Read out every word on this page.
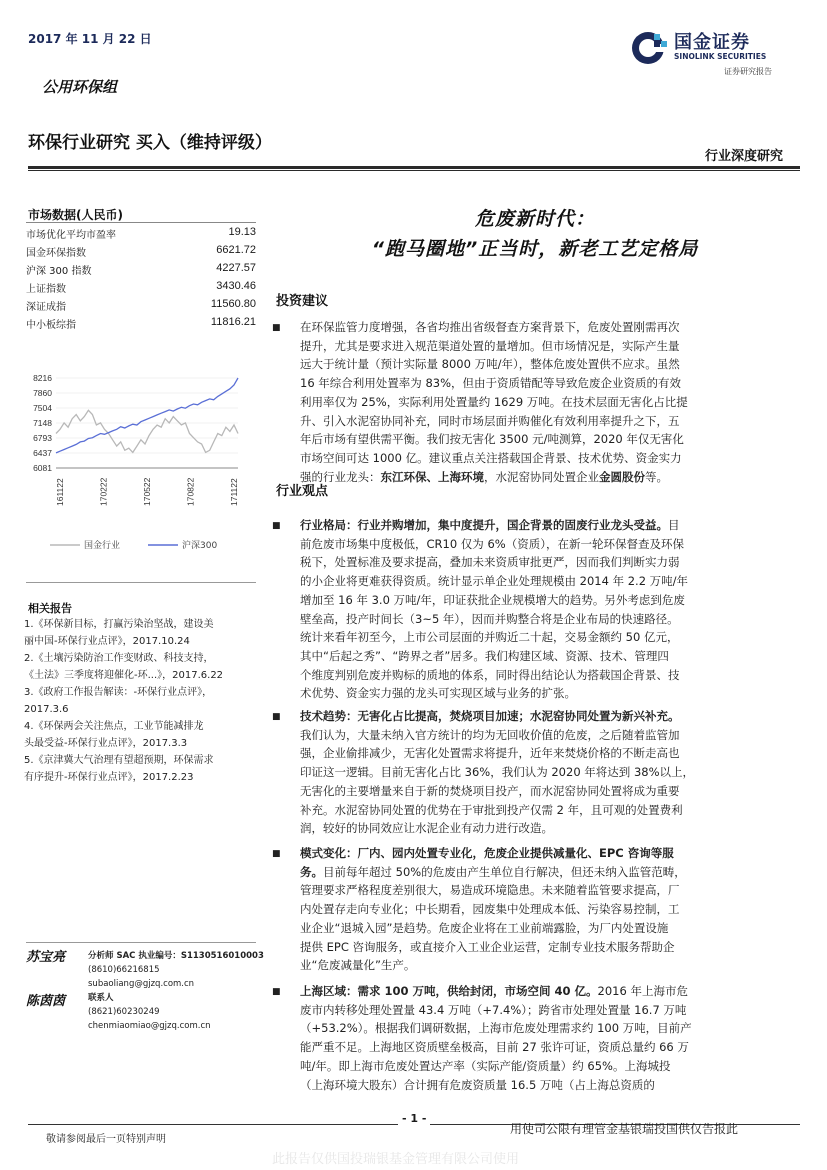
2017 年 11 月 22 日
公用环保组
环保行业研究 买入（维持评级）
行业深度研究
国金证券
SINOLINK SECURITIES
证券研究报告
市场数据(人民币)
市场优化平均市盈率	19.13
国金环保指数	6621.72
沪深 300 指数	4227.57
上证指数	3430.46
深证成指	11560.80
中小板综指	11816.21
8216
7860
7504
7148
6793
6437
6081
161122	170222	170522	170822	171122
国金行业	沪深300
相关报告
1.《环保新目标，打赢污染治坚战，建设美
丽中国-环保行业点评》，2017.10.24
2.《土壤污染防治工作变财政、科技支持，
《土法》三季度将迎催化-环...》，2017.6.22
3.《政府工作报告解读：-环保行业点评》，
2017.3.6
4.《环保两会关注焦点，工业节能减排龙
头最受益-环保行业点评》，2017.3.3
5.《京津冀大气治理有望超预期，环保需求
有序提升-环保行业点评》，2017.2.23
苏宝亮	分析师 SAC 执业编号：S1130516010003
(8610)66216815
subaoliang@gjzq.com.cn
陈茵茵	联系人
(8621)60230249
chenmiaomiao@gjzq.com.cn
危废新时代：
“跑马圈地”正当时，新老工艺定格局
投资建议
■ 在环保监管力度增强，各省均推出省级督查方案背景下，危废处置刚需再次
提升，尤其是要求进入规范渠道处置的量增加。但市场情况是，实际产生量
远大于统计量（预计实际量 8000 万吨/年），整体危废处置供不应求。虽然
16 年综合利用处置率为 83%，但由于资质错配等导致危废企业资质的有效
利用率仅为 25%，实际利用处置量约 1629 万吨。在技术层面无害化占比提
升、引入水泥窑协同补充，同时市场层面并购催化有效利用率提升之下，五
年后市场有望供需平衡。我们按无害化 3500 元/吨测算，2020 年仅无害化
市场空间可达 1000 亿。建议重点关注搭载国企背景、技术优势、资金实力
强的行业龙头：东江环保、上海环境，水泥窑协同处置企业金圆股份等。
行业观点
■ 行业格局：行业并购增加，集中度提升，国企背景的固废行业龙头受益。目
前危废市场集中度极低，CR10 仅为 6%（资质），在新一轮环保督查及环保
税下，处置标准及要求提高，叠加未来资质审批更严，因而我们判断实力弱
的小企业将更难获得资质。统计显示单企业处理规模由 2014 年 2.2 万吨/年
增加至 16 年 3.0 万吨/年，印证获批企业规模增大的趋势。另外考虑到危废
壁垒高，投产时间长（3~5 年），因而并购整合将是企业布局的快速路径。
统计来看年初至今，上市公司层面的并购近二十起，交易金额约 50 亿元，
其中“后起之秀”、“跨界之者”居多。我们构建区域、资源、技术、管理四
个维度判别危废并购标的质地的体系，同时得出结论认为搭载国企背景、技
术优势、资金实力强的龙头可实现区域与业务的扩张。
■ 技术趋势：无害化占比提高，焚烧项目加速；水泥窑协同处置为新兴补充。
我们认为，大量未纳入官方统计的均为无回收价值的危废，之后随着监管加
强，企业偷排减少，无害化处置需求将提升，近年来焚烧价格的不断走高也
印证这一逻辑。目前无害化占比 36%，我们认为 2020 年将达到 38%以上，
无害化的主要增量来自于新的焚烧项目投产，而水泥窑协同处置将成为重要
补充。水泥窑协同处置的优势在于审批到投产仅需 2 年，且可观的处置费利
润，较好的协同效应让水泥企业有动力进行改造。
■ 模式变化：厂内、园内处置专业化，危废企业提供减量化、EPC 咨询等服
务。目前每年超过 50%的危废由产生单位自行解决，但还未纳入监管范畴，
管理要求严格程度差别很大，易造成环境隐患。未来随着监管要求提高，厂
内处置存走向专业化；中长期看，园废集中处理成本低、污染容易控制，工
业企业“退城入园”是趋势。危废企业将在工业前端露脸，为厂内处置设施
提供 EPC 咨询服务，或直接介入工业企业运营，定制专业技术服务帮助企
业“危废减量化”生产。
■ 上海区域：需求 100 万吨，供给封闭，市场空间 40 亿。2016 年上海市危
废市内转移处理处置量 43.4 万吨（+7.4%）；跨省市处理处置量 16.7 万吨
（+53.2%）。根据我们调研数据，上海市危废处理需求约 100 万吨，目前产
能严重不足。上海地区资质壁垒极高，目前 27 张许可证，资质总量约 66 万
吨/年。即上海市危废处置达产率（实际产能/资质量）约 65%。上海城投
（上海环境大股东）合计拥有危废资质量 16.5 万吨（占上海总资质的
- 1 -
敬请参阅最后一页特别声明
用使司公限有理管金基银瑞投国供仅告报此
此报告仅供国投瑞银基金管理有限公司使用
